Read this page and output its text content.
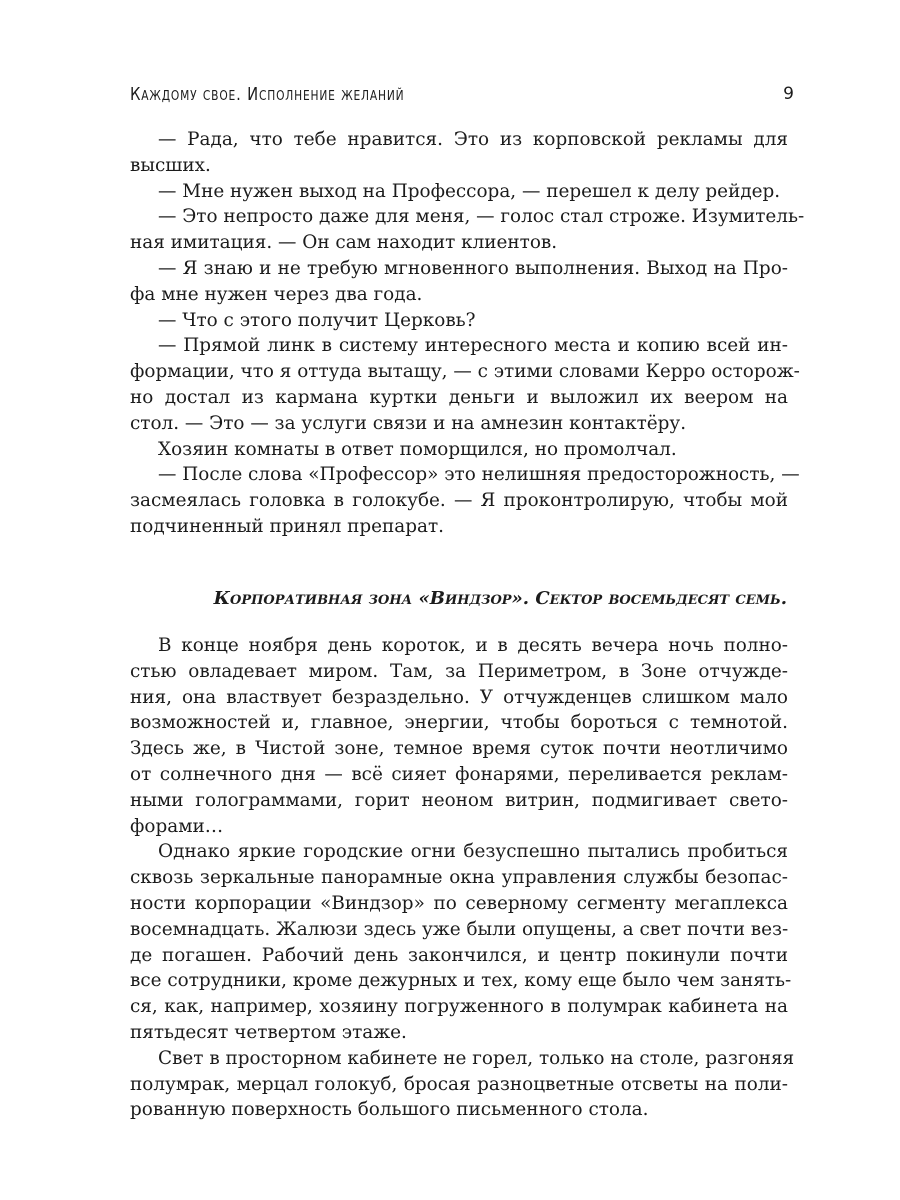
Каждому свое. Исполнение желаний	9
— Рада, что тебе нравится. Это из корповской рекламы для
высших.
— Мне нужен выход на Профессора, — перешел к делу рейдер.
— Это непросто даже для меня, — голос стал строже. Изумитель-
ная имитация. — Он сам находит клиентов.
— Я знаю и не требую мгновенного выполнения. Выход на Про-
фа мне нужен через два года.
— Что с этого получит Церковь?
— Прямой линк в систему интересного места и копию всей ин-
формации, что я оттуда вытащу, — с этими словами Керро осторож-
но достал из кармана куртки деньги и выложил их веером на
стол. — Это — за услуги связи и на амнезин контактёру.
Хозяин комнаты в ответ поморщился, но промолчал.
— После слова «Профессор» это нелишняя предосторожность, —
засмеялась головка в голокубе. — Я проконтролирую, чтобы мой
подчиненный принял препарат.
Корпоративная зона «Виндзор». Сектор восемьдесят семь.
В конце ноября день короток, и в десять вечера ночь полно-
стью овладевает миром. Там, за Периметром, в Зоне отчужде-
ния, она властвует безраздельно. У отчужденцев слишком мало
возможностей и, главное, энергии, чтобы бороться с темнотой.
Здесь же, в Чистой зоне, темное время суток почти неотличимо
от солнечного дня — всё сияет фонарями, переливается реклам-
ными голограммами, горит неоном витрин, подмигивает свето-
форами…
Однако яркие городские огни безуспешно пытались пробиться
сквозь зеркальные панорамные окна управления службы безопас-
ности корпорации «Виндзор» по северному сегменту мегаплекса
восемнадцать. Жалюзи здесь уже были опущены, а свет почти вез-
де погашен. Рабочий день закончился, и центр покинули почти
все сотрудники, кроме дежурных и тех, кому еще было чем занять-
ся, как, например, хозяину погруженного в полумрак кабинета на
пятьдесят четвертом этаже.
Свет в просторном кабинете не горел, только на столе, разгоняя
полумрак, мерцал голокуб, бросая разноцветные отсветы на поли-
рованную поверхность большого письменного стола.
